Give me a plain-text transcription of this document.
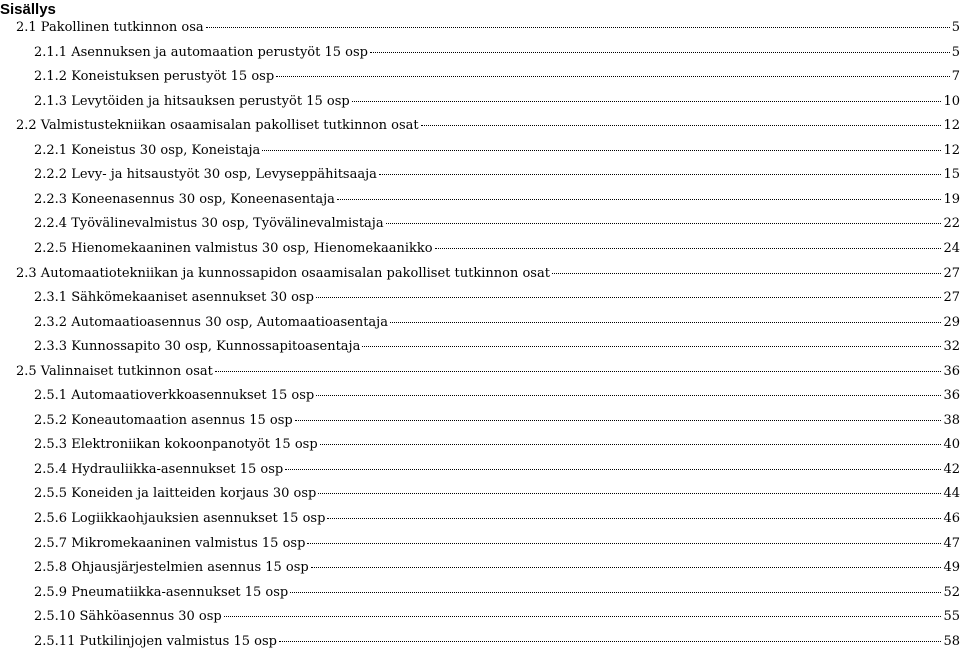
Sisällys
2.1 Pakollinen tutkinnon osa	5
2.1.1 Asennuksen ja automaation perustyöt 15 osp	5
2.1.2 Koneistuksen perustyöt 15 osp	7
2.1.3 Levytöiden ja hitsauksen perustyöt 15 osp	10
2.2 Valmistustekniikan osaamisalan pakolliset tutkinnon osat	12
2.2.1 Koneistus 30 osp, Koneistaja	12
2.2.2 Levy- ja hitsaustyöt 30 osp, Levyseppähitsaaja	15
2.2.3 Koneenasennus 30 osp, Koneenasentaja	19
2.2.4 Työvälinevalmistus 30 osp, Työvälinevalmistaja	22
2.2.5 Hienomekaaninen valmistus 30 osp, Hienomekaanikko	24
2.3 Automaatiotekniikan ja kunnossapidon osaamisalan pakolliset tutkinnon osat	27
2.3.1 Sähkömekaaniset asennukset 30 osp	27
2.3.2 Automaatioasennus 30 osp, Automaatioasentaja	29
2.3.3 Kunnossapito 30 osp, Kunnossapitoasentaja	32
2.5 Valinnaiset tutkinnon osat	36
2.5.1 Automaatioverkkoasennukset 15 osp	36
2.5.2 Koneautomaation asennus 15 osp	38
2.5.3 Elektroniikan kokoonpanotyöt 15 osp	40
2.5.4 Hydrauliikka-asennukset 15 osp	42
2.5.5 Koneiden ja laitteiden korjaus 30 osp	44
2.5.6 Logiikkaohjauksien asennukset 15 osp	46
2.5.7 Mikromekaaninen valmistus 15 osp	47
2.5.8 Ohjausjärjestelmien asennus 15 osp	49
2.5.9 Pneumatiikka-asennukset 15 osp	52
2.5.10 Sähköasennus 30 osp	55
2.5.11 Putkilinjojen valmistus 15 osp	58
